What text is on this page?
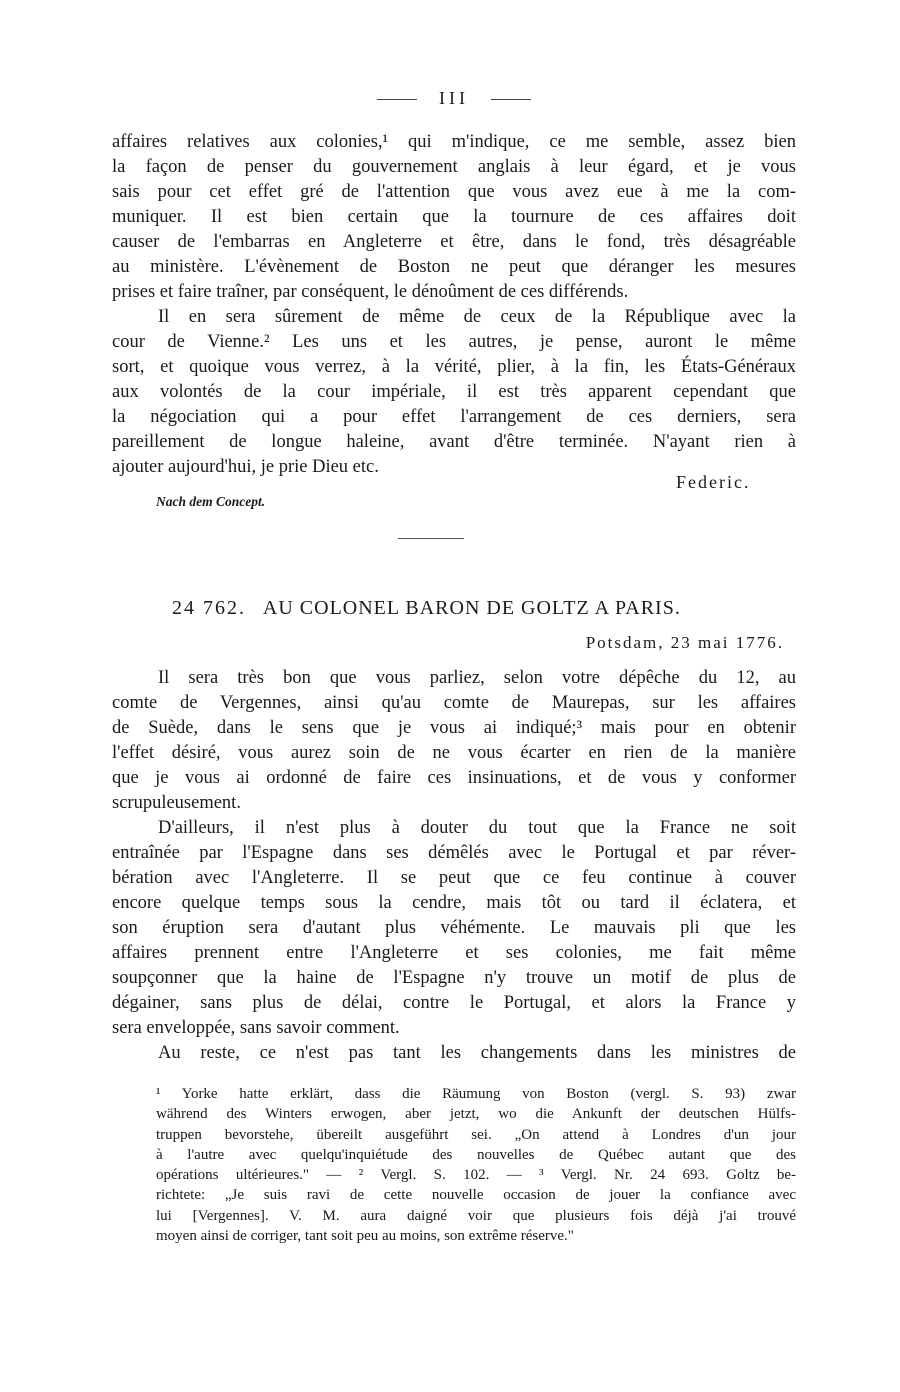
III
affaires relatives aux colonies,¹ qui m'indique, ce me semble, assez bien
la façon de penser du gouvernement anglais à leur égard, et je vous
sais pour cet effet gré de l'attention que vous avez eue à me la com-
muniquer. Il est bien certain que la tournure de ces affaires doit
causer de l'embarras en Angleterre et être, dans le fond, très désagréable
au ministère. L'évènement de Boston ne peut que déranger les mesures
prises et faire traîner, par conséquent, le dénoûment de ces différends.
Il en sera sûrement de même de ceux de la République avec la
cour de Vienne.² Les uns et les autres, je pense, auront le même
sort, et quoique vous verrez, à la vérité, plier, à la fin, les États-Généraux
aux volontés de la cour impériale, il est très apparent cependant que
la négociation qui a pour effet l'arrangement de ces derniers, sera
pareillement de longue haleine, avant d'être terminée. N'ayant rien à
ajouter aujourd'hui, je prie Dieu etc.
Federic.
Nach dem Concept.
24 762. AU COLONEL BARON DE GOLTZ A PARIS.
Potsdam, 23 mai 1776.
Il sera très bon que vous parliez, selon votre dépêche du 12, au
comte de Vergennes, ainsi qu'au comte de Maurepas, sur les affaires
de Suède, dans le sens que je vous ai indiqué;³ mais pour en obtenir
l'effet désiré, vous aurez soin de ne vous écarter en rien de la manière
que je vous ai ordonné de faire ces insinuations, et de vous y conformer
scrupuleusement.
D'ailleurs, il n'est plus à douter du tout que la France ne soit
entraînée par l'Espagne dans ses démêlés avec le Portugal et par réver-
bération avec l'Angleterre. Il se peut que ce feu continue à couver
encore quelque temps sous la cendre, mais tôt ou tard il éclatera, et
son éruption sera d'autant plus véhémente. Le mauvais pli que les
affaires prennent entre l'Angleterre et ses colonies, me fait même
soupçonner que la haine de l'Espagne n'y trouve un motif de plus de
dégainer, sans plus de délai, contre le Portugal, et alors la France y
sera enveloppée, sans savoir comment.
Au reste, ce n'est pas tant les changements dans les ministres de
¹ Yorke hatte erklärt, dass die Räumung von Boston (vergl. S. 93) zwar
während des Winters erwogen, aber jetzt, wo die Ankunft der deutschen Hülfs-
truppen bevorstehe, übereilt ausgeführt sei. „On attend à Londres d'un jour
à l'autre avec quelqu'inquiétude des nouvelles de Québec autant que des
opérations ultérieures." — ² Vergl. S. 102. — ³ Vergl. Nr. 24 693. Goltz be-
richtete: „Je suis ravi de cette nouvelle occasion de jouer la confiance avec
lui [Vergennes]. V. M. aura daigné voir que plusieurs fois déjà j'ai trouvé
moyen ainsi de corriger, tant soit peu au moins, son extrême réserve."
